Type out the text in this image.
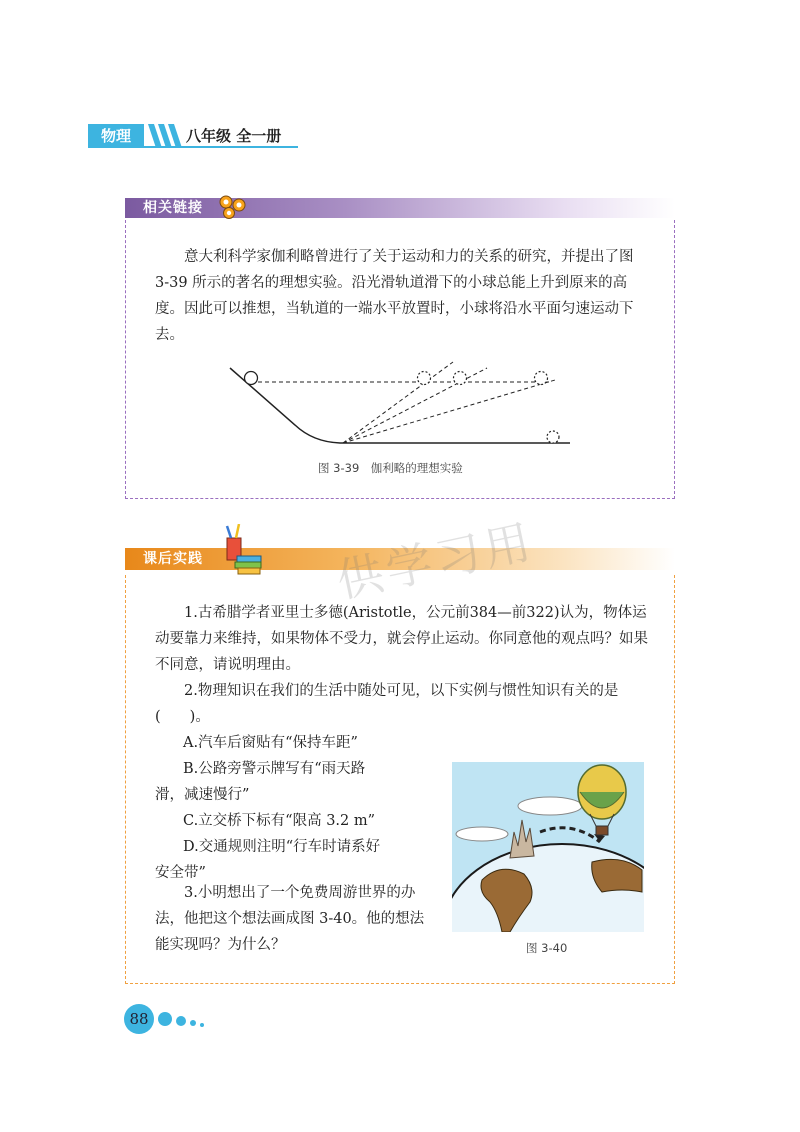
物理	八年级 全一册
相关链接
意大利科学家伽利略曾进行了关于运动和力的关系的研究，并提出了图 3-39 所示的著名的理想实验。沿光滑轨道滑下的小球总能上升到原来的高度。因此可以推想，当轨道的一端水平放置时，小球将沿水平面匀速运动下去。
图 3-39　伽利略的理想实验
课后实践
1.古希腊学者亚里士多德(Aristotle，公元前384—前322)认为，物体运动要靠力来维持，如果物体不受力，就会停止运动。你同意他的观点吗？如果不同意，请说明理由。
2.物理知识在我们的生活中随处可见，以下实例与惯性知识有关的是(　　)。
A.汽车后窗贴有“保持车距”
B.公路旁警示牌写有“雨天路
滑，减速慢行”
C.立交桥下标有“限高 3.2 m”
D.交通规则注明“行车时请系好
安全带”
3.小明想出了一个免费周游世界的办法，他把这个想法画成图 3-40。他的想法能实现吗？为什么？	图 3-40
供学习用
88
